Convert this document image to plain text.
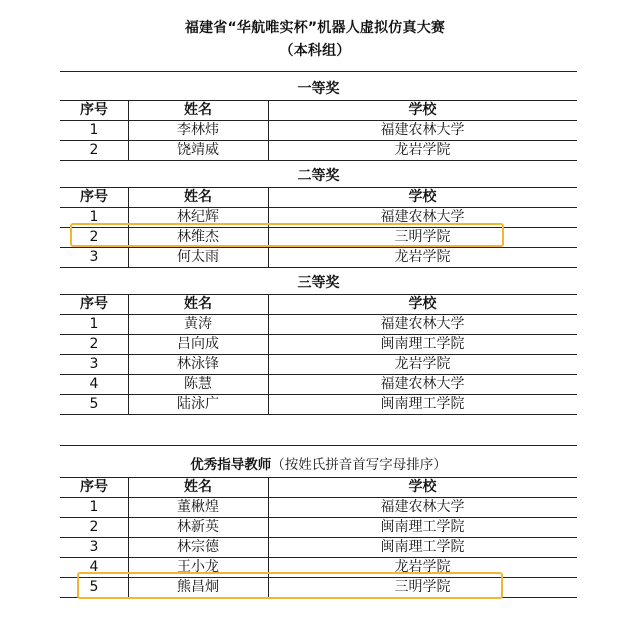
福建省“华航唯实杯”机器人虚拟仿真大赛
（本科组）
一等奖
序号	姓名	学校
1	李林炜	福建农林大学
2	饶靖威	龙岩学院
二等奖
序号	姓名	学校
1	林纪辉	福建农林大学
2	林维杰	三明学院
3	何太雨	龙岩学院
三等奖
序号	姓名	学校
1	黄涛	福建农林大学
2	吕向成	闽南理工学院
3	林泳锋	龙岩学院
4	陈慧	福建农林大学
5	陆泳广	闽南理工学院
优秀指导教师（按姓氏拼音首写字母排序）
序号	姓名	学校
1	董楸煌	福建农林大学
2	林新英	闽南理工学院
3	林宗德	闽南理工学院
4	王小龙	龙岩学院
5	熊昌炯	三明学院
